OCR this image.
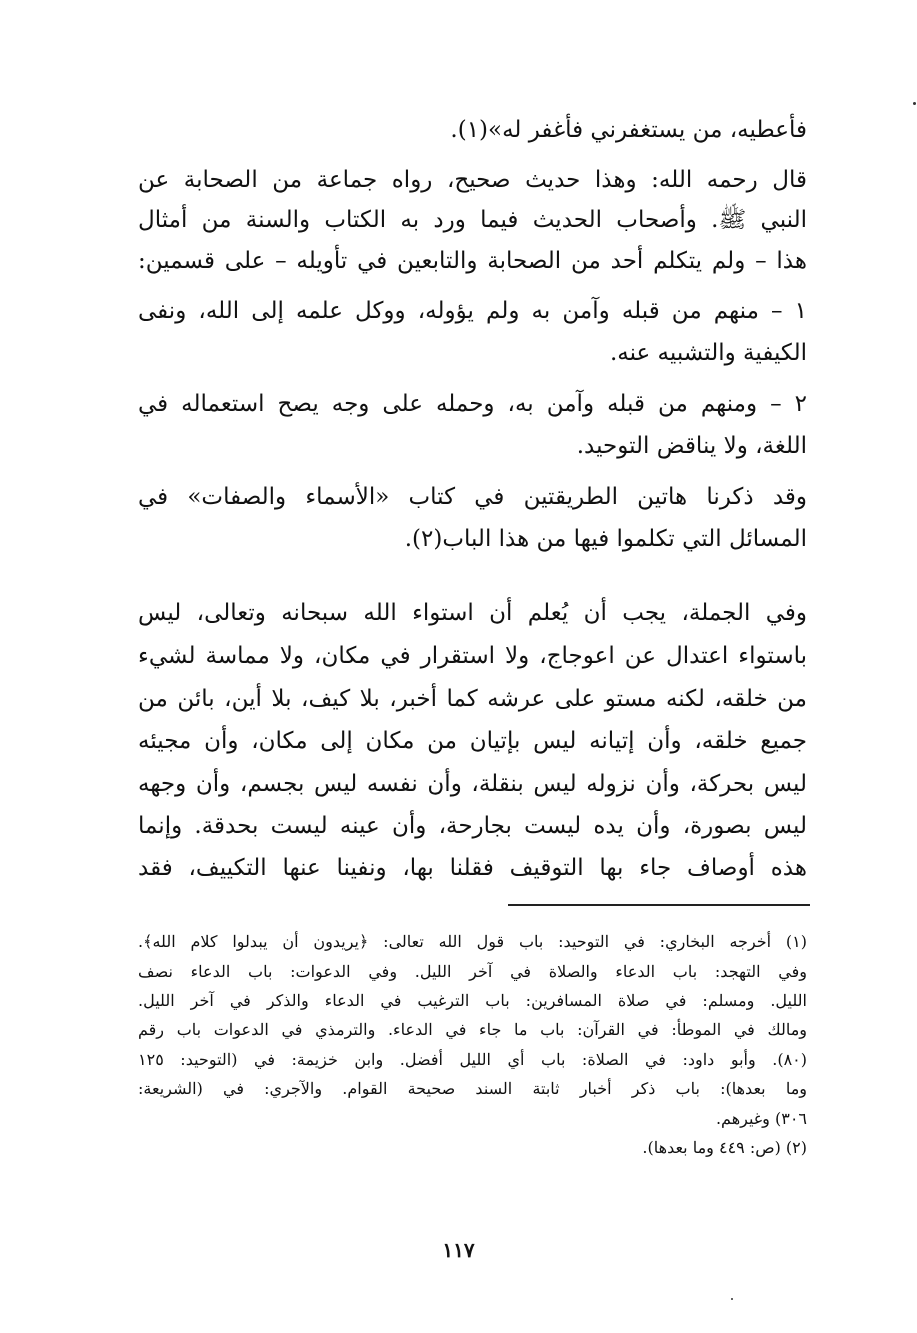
فأعطيه، من يستغفرني فأغفر له»(١).
قال رحمه الله: وهذا حديث صحيح، رواه جماعة من الصحابة عن
النبي ﷺ. وأصحاب الحديث فيما ورد به الكتاب والسنة من أمثال
هذا – ولم يتكلم أحد من الصحابة والتابعين في تأويله – على قسمين:
١ً – منهم من قبله وآمن به ولم يؤوله، ووكل علمه إلى الله، ونفى
الكيفية والتشبيه عنه.
٢ً – ومنهم من قبله وآمن به، وحمله على وجه يصح استعماله في
اللغة، ولا يناقض التوحيد.
وقد ذكرنا هاتين الطريقتين في كتاب «الأسماء والصفات» في
المسائل التي تكلموا فيها من هذا الباب(٢).
وفي الجملة، يجب أن يُعلم أن استواء الله سبحانه وتعالى، ليس
باستواء اعتدال عن اعوجاج، ولا استقرار في مكان، ولا مماسة لشيء
من خلقه، لكنه مستو على عرشه كما أخبر، بلا كيف، بلا أين، بائن من
جميع خلقه، وأن إتيانه ليس بإتيان من مكان إلى مكان، وأن مجيئه
ليس بحركة، وأن نزوله ليس بنقلة، وأن نفسه ليس بجسم، وأن وجهه
ليس بصورة، وأن يده ليست بجارحة، وأن عينه ليست بحدقة. وإنما
هذه أوصاف جاء بها التوقيف فقلنا بها، ونفينا عنها التكييف، فقد
(١) أخرجه البخاري: في التوحيد: باب قول الله تعالى: ﴿يريدون أن يبدلوا كلام الله﴾.
وفي التهجد: باب الدعاء والصلاة في آخر الليل. وفي الدعوات: باب الدعاء نصف
الليل. ومسلم: في صلاة المسافرين: باب الترغيب في الدعاء والذكر في آخر الليل.
ومالك في الموطأ: في القرآن: باب ما جاء في الدعاء. والترمذي في الدعوات باب رقم
(٨٠). وأبو داود: في الصلاة: باب أي الليل أفضل. وابن خزيمة: في (التوحيد: ١٢٥
وما بعدها): باب ذكر أخبار ثابتة السند صحيحة القوام. والآجري: في (الشريعة:
٣٠٦) وغيرهم.
(٢) (ص: ٤٤٩ وما بعدها).
١١٧
